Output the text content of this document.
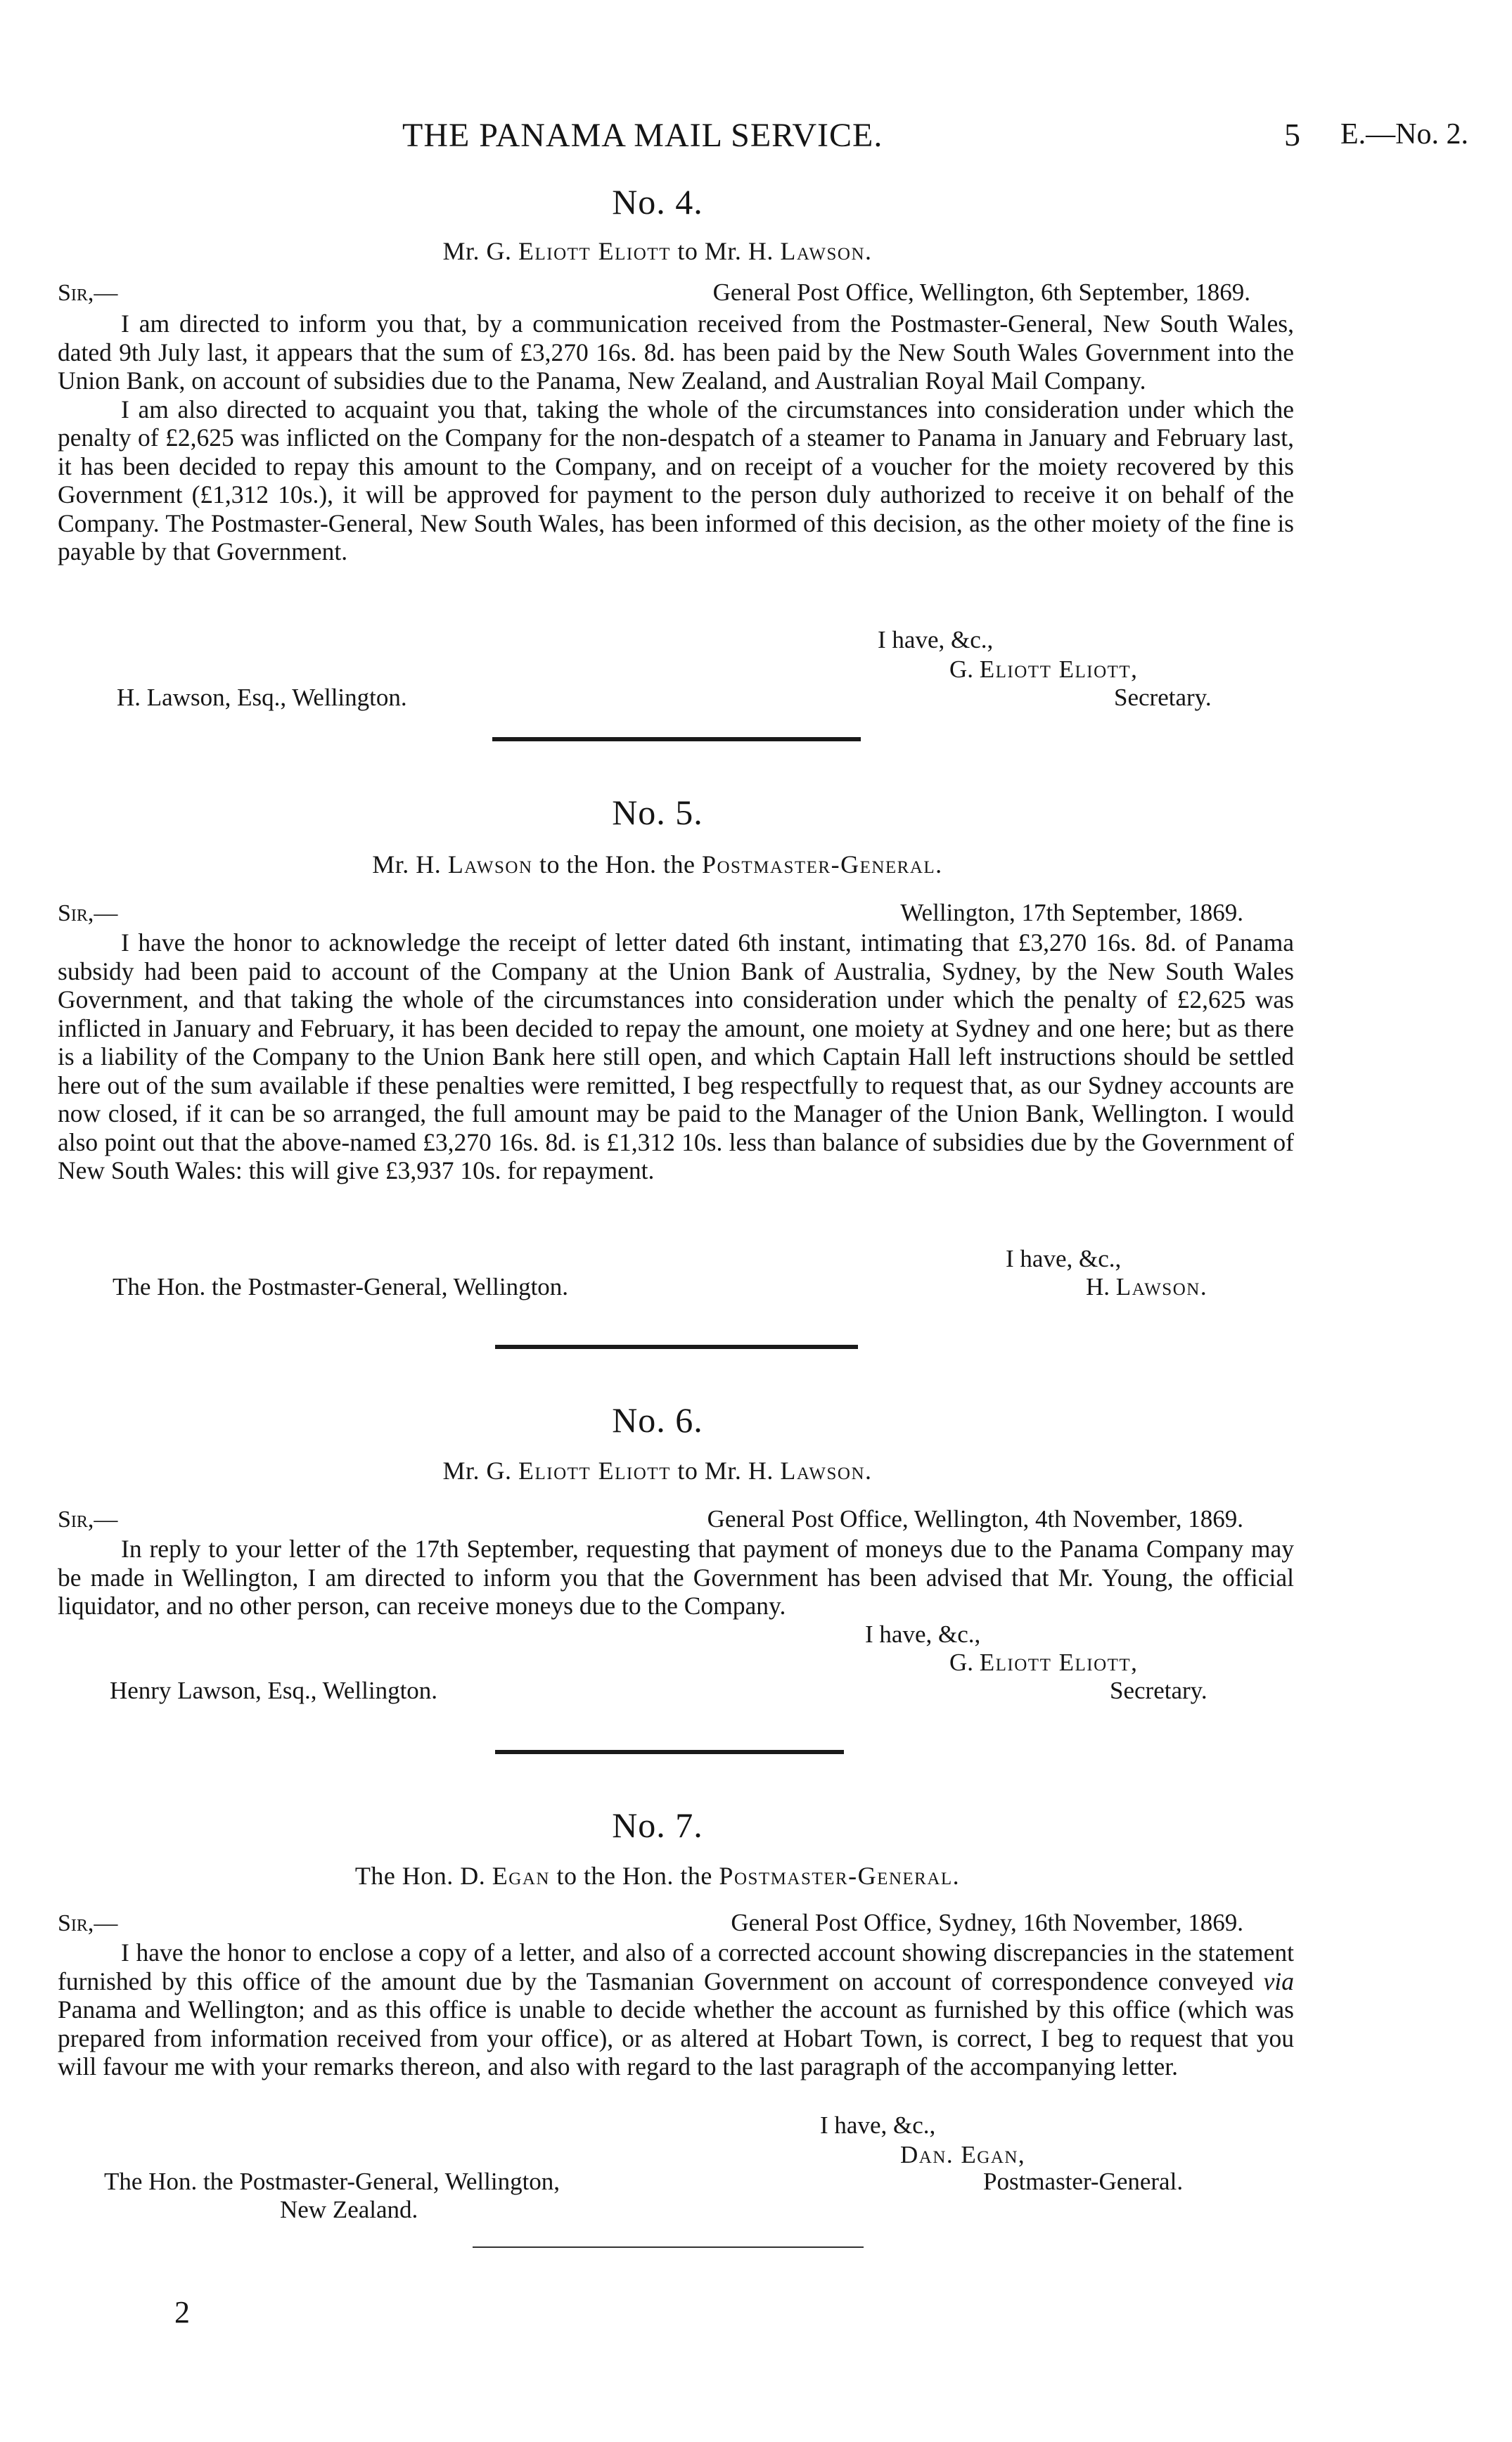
THE PANAMA MAIL SERVICE.	5 E.—No. 2.
No. 4.
Mr. G. Eliott Eliott to Mr. H. Lawson.
Sir,—	General Post Office, Wellington, 6th September, 1869.

I am directed to inform you that, by a communication received from the Postmaster-General, New South Wales, dated 9th July last, it appears that the sum of £3,270 16s. 8d. has been paid by the New South Wales Government into the Union Bank, on account of subsidies due to the Panama, New Zealand, and Australian Royal Mail Company.

I am also directed to acquaint you that, taking the whole of the circumstances into consideration under which the penalty of £2,625 was inflicted on the Company for the non-despatch of a steamer to Panama in January and February last, it has been decided to repay this amount to the Company, and on receipt of a voucher for the moiety recovered by this Government (£1,312 10s.), it will be approved for payment to the person duly authorized to receive it on behalf of the Company. The Postmaster-General, New South Wales, has been informed of this decision, as the other moiety of the fine is payable by that Government.

I have, &c.,
G. Eliott Eliott,
H. Lawson, Esq., Wellington.	Secretary.
No. 5.
Mr. H. Lawson to the Hon. the Postmaster-General.
Sir,—	Wellington, 17th September, 1869.

I have the honor to acknowledge the receipt of letter dated 6th instant, intimating that £3,270 16s. 8d. of Panama subsidy had been paid to account of the Company at the Union Bank of Australia, Sydney, by the New South Wales Government, and that taking the whole of the circumstances into consideration under which the penalty of £2,625 was inflicted in January and February, it has been decided to repay the amount, one moiety at Sydney and one here; but as there is a liability of the Company to the Union Bank here still open, and which Captain Hall left instructions should be settled here out of the sum available if these penalties were remitted, I beg respectfully to request that, as our Sydney accounts are now closed, if it can be so arranged, the full amount may be paid to the Manager of the Union Bank, Wellington. I would also point out that the above-named £3,270 16s. 8d. is £1,312 10s. less than balance of subsidies due by the Government of New South Wales: this will give £3,937 10s. for repayment.

I have, &c.,
The Hon. the Postmaster-General, Wellington.	H. Lawson.
No. 6.
Mr. G. Eliott Eliott to Mr. H. Lawson.
Sir,—	General Post Office, Wellington, 4th November, 1869.

In reply to your letter of the 17th September, requesting that payment of moneys due to the Panama Company may be made in Wellington, I am directed to inform you that the Government has been advised that Mr. Young, the official liquidator, and no other person, can receive moneys due to the Company.

I have, &c.,
G. Eliott Eliott,
Henry Lawson, Esq., Wellington.	Secretary.
No. 7.
The Hon. D. Egan to the Hon. the Postmaster-General.
Sir,—	General Post Office, Sydney, 16th November, 1869.

I have the honor to enclose a copy of a letter, and also of a corrected account showing discrepancies in the statement furnished by this office of the amount due by the Tasmanian Government on account of correspondence conveyed via Panama and Wellington; and as this office is unable to decide whether the account as furnished by this office (which was prepared from information received from your office), or as altered at Hobart Town, is correct, I beg to request that you will favour me with your remarks thereon, and also with regard to the last paragraph of the accompanying letter.

I have, &c.,
Dan. Egan,
The Hon. the Postmaster-General, Wellington,	Postmaster-General.
New Zealand.
2
